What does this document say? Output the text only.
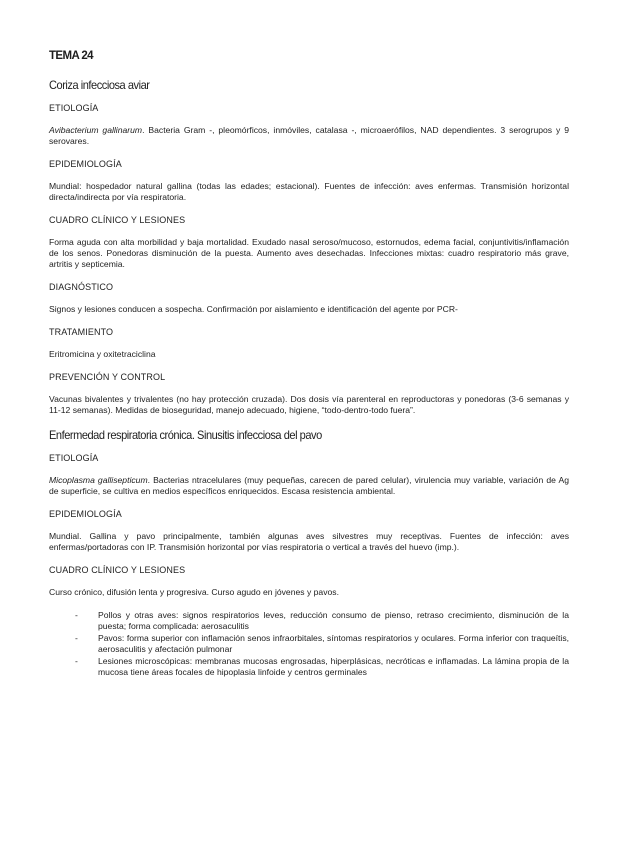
TEMA 24
Coriza infecciosa aviar
ETIOLOGÍA

Avibacterium gallinarum. Bacteria Gram -, pleomórficos, inmóviles, catalasa -, microaerófilos, NAD dependientes. 3 serogrupos y 9 serovares.

EPIDEMIOLOGÍA

Mundial: hospedador natural gallina (todas las edades; estacional). Fuentes de infección: aves enfermas. Transmisión horizontal directa/indirecta por vía respiratoria.

CUADRO CLÍNICO Y LESIONES

Forma aguda con alta morbilidad y baja mortalidad. Exudado nasal seroso/mucoso, estornudos, edema facial, conjuntivitis/inflamación de los senos. Ponedoras disminución de la puesta. Aumento aves desechadas. Infecciones mixtas: cuadro respiratorio más grave, artritis y septicemia.

DIAGNÓSTICO

Signos y lesiones conducen a sospecha. Confirmación por aislamiento e identificación del agente por PCR-

TRATAMIENTO

Eritromicina y oxitetraciclina

PREVENCIÓN Y CONTROL

Vacunas bivalentes y trivalentes (no hay protección cruzada). Dos dosis vía parenteral en reproductoras y ponedoras (3-6 semanas y 11-12 semanas). Medidas de bioseguridad, manejo adecuado, higiene, “todo-dentro-todo fuera”.

Enfermedad respiratoria crónica. Sinusitis infecciosa del pavo
ETIOLOGÍA

Micoplasma gallisepticum. Bacterias ntracelulares (muy pequeñas, carecen de pared celular), virulencia muy variable, variación de Ag de superficie, se cultiva en medios específicos enriquecidos. Escasa resistencia ambiental.

EPIDEMIOLOGÍA

Mundial. Gallina y pavo principalmente, también algunas aves silvestres muy receptivas. Fuentes de infección: aves enfermas/portadoras con IP. Transmisión horizontal por vías respiratoria o vertical a través del huevo (imp.).

CUADRO CLÍNICO Y LESIONES

Curso crónico, difusión lenta y progresiva. Curso agudo en jóvenes y pavos.

- Pollos y otras aves: signos respiratorios leves, reducción consumo de pienso, retraso crecimiento, disminución de la puesta; forma complicada: aerosaculitis
- Pavos: forma superior con inflamación senos infraorbitales, síntomas respiratorios y oculares. Forma inferior con traqueítis, aerosaculitis y afectación pulmonar
- Lesiones microscópicas: membranas mucosas engrosadas, hiperplásicas, necróticas e inflamadas. La lámina propia de la mucosa tiene áreas focales de hipoplasia linfoide y centros germinales
